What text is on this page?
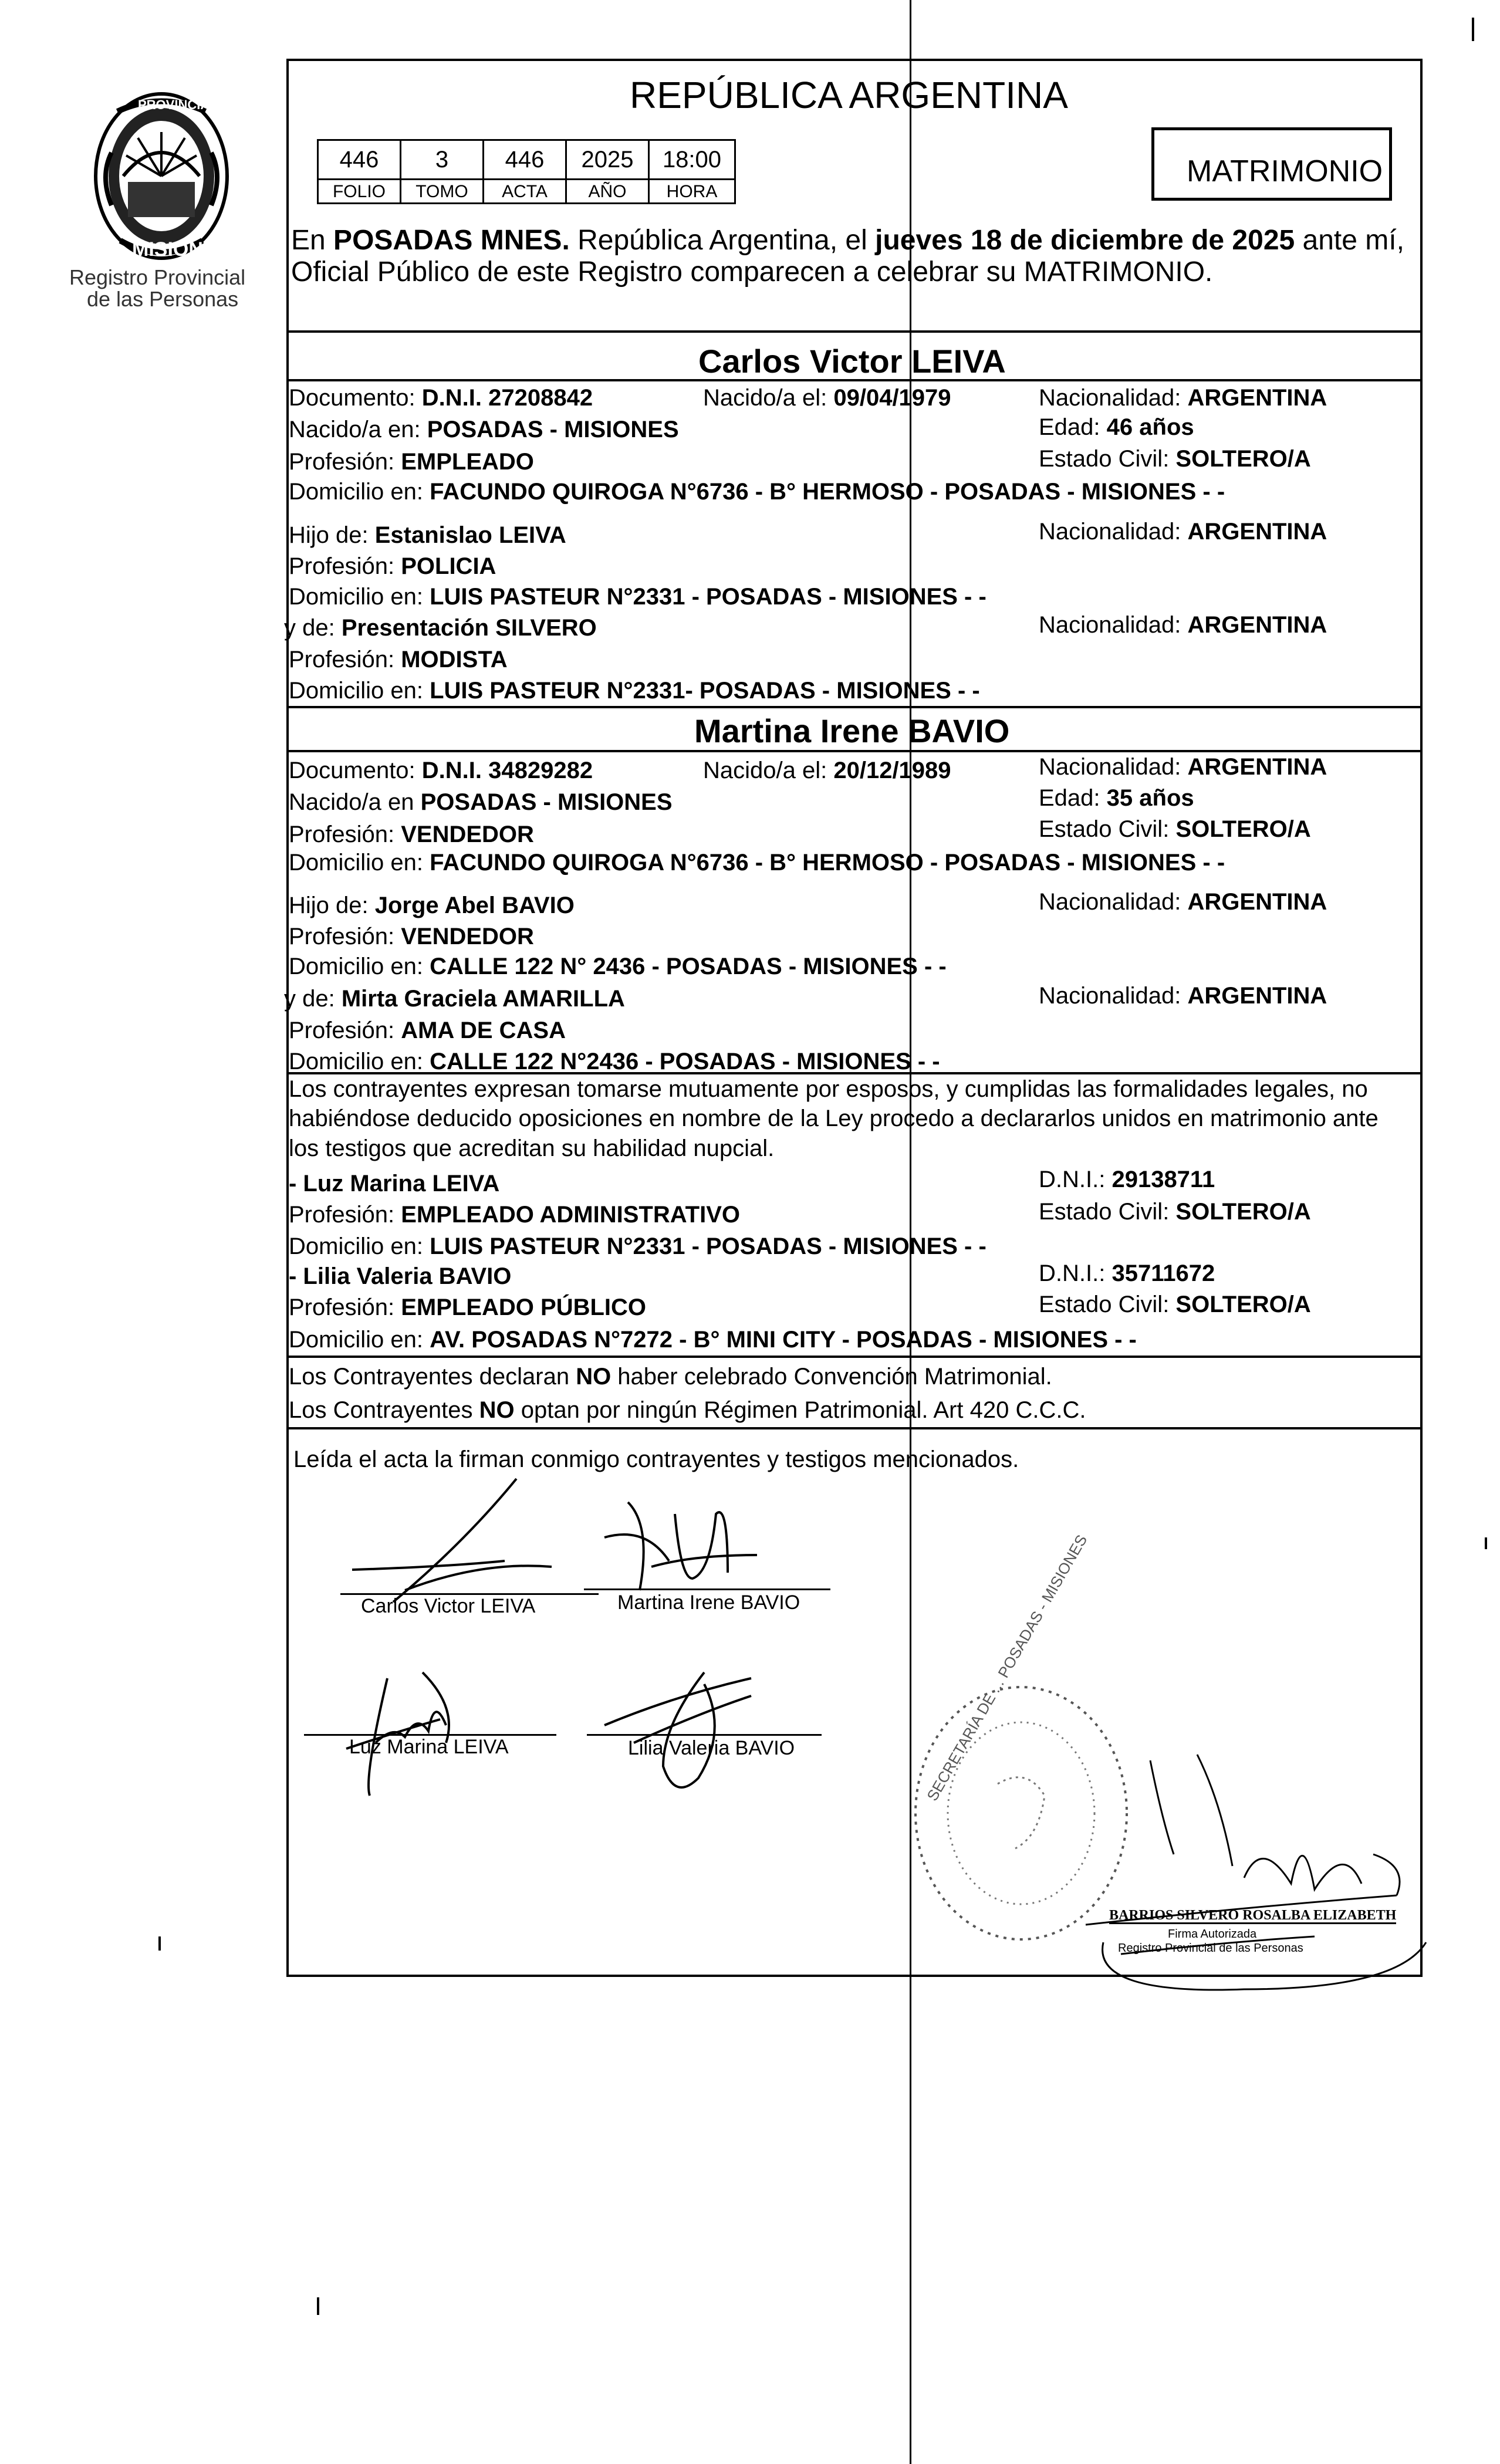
PROVINCIA DE
MISIONES
Registro Provincial
de las Personas
REPÚBLICA ARGENTINA
MATRIMONIO
446	3	446	2025	18:00
FOLIO	TOMO	ACTA	AÑO	HORA
En POSADAS MNES. República Argentina, el jueves 18 de diciembre de 2025 ante mí,
Oficial Público de este Registro comparecen a celebrar su MATRIMONIO.
Carlos Victor LEIVA
Documento: D.N.I. 27208842	Nacido/a el: 09/04/1979	Nacionalidad: ARGENTINA
Nacido/a en: POSADAS - MISIONES	Edad: 46 años
Profesión: EMPLEADO	Estado Civil: SOLTERO/A
Domicilio en: FACUNDO QUIROGA N°6736 - B° HERMOSO - POSADAS - MISIONES - -
Hijo de: Estanislao LEIVA	Nacionalidad: ARGENTINA
Profesión: POLICIA
Domicilio en: LUIS PASTEUR N°2331 - POSADAS - MISIONES - -
y de: Presentación SILVERO	Nacionalidad: ARGENTINA
Profesión: MODISTA
Domicilio en: LUIS PASTEUR N°2331- POSADAS - MISIONES - -
Martina Irene BAVIO
Documento: D.N.I. 34829282	Nacido/a el: 20/12/1989	Nacionalidad: ARGENTINA
Nacido/a en POSADAS - MISIONES	Edad: 35 años
Profesión: VENDEDOR	Estado Civil: SOLTERO/A
Domicilio en: FACUNDO QUIROGA N°6736 - B° HERMOSO - POSADAS - MISIONES - -
Hijo de: Jorge Abel BAVIO	Nacionalidad: ARGENTINA
Profesión: VENDEDOR
Domicilio en: CALLE 122 N° 2436 - POSADAS - MISIONES - -
y de: Mirta Graciela AMARILLA	Nacionalidad: ARGENTINA
Profesión: AMA DE CASA
Domicilio en: CALLE 122 N°2436 - POSADAS - MISIONES - -
Los contrayentes expresan tomarse mutuamente por esposos, y cumplidas las formalidades legales, no
habiéndose deducido oposiciones en nombre de la Ley procedo a declararlos unidos en matrimonio ante
los testigos que acreditan su habilidad nupcial.
- Luz Marina LEIVA	D.N.I.: 29138711
Profesión: EMPLEADO ADMINISTRATIVO	Estado Civil: SOLTERO/A
Domicilio en: LUIS PASTEUR N°2331 - POSADAS - MISIONES - -
- Lilia Valeria BAVIO	D.N.I.: 35711672
Profesión: EMPLEADO PÚBLICO	Estado Civil: SOLTERO/A
Domicilio en: AV. POSADAS N°7272 - B° MINI CITY - POSADAS - MISIONES - -
Los Contrayentes declaran NO haber celebrado Convención Matrimonial.
Los Contrayentes NO optan por ningún Régimen Patrimonial. Art 420 C.C.C.
Leída el acta la firman conmigo contrayentes y testigos mencionados.
Carlos Victor LEIVA	Martina Irene BAVIO
Luz Marina LEIVA	Lilia Valeria BAVIO	SECRETARÍA DE ... POSADAS - MISIONES
BARRIOS SILVERO ROSALBA ELIZABETH
Firma Autorizada
Registro Provincial de las Personas
